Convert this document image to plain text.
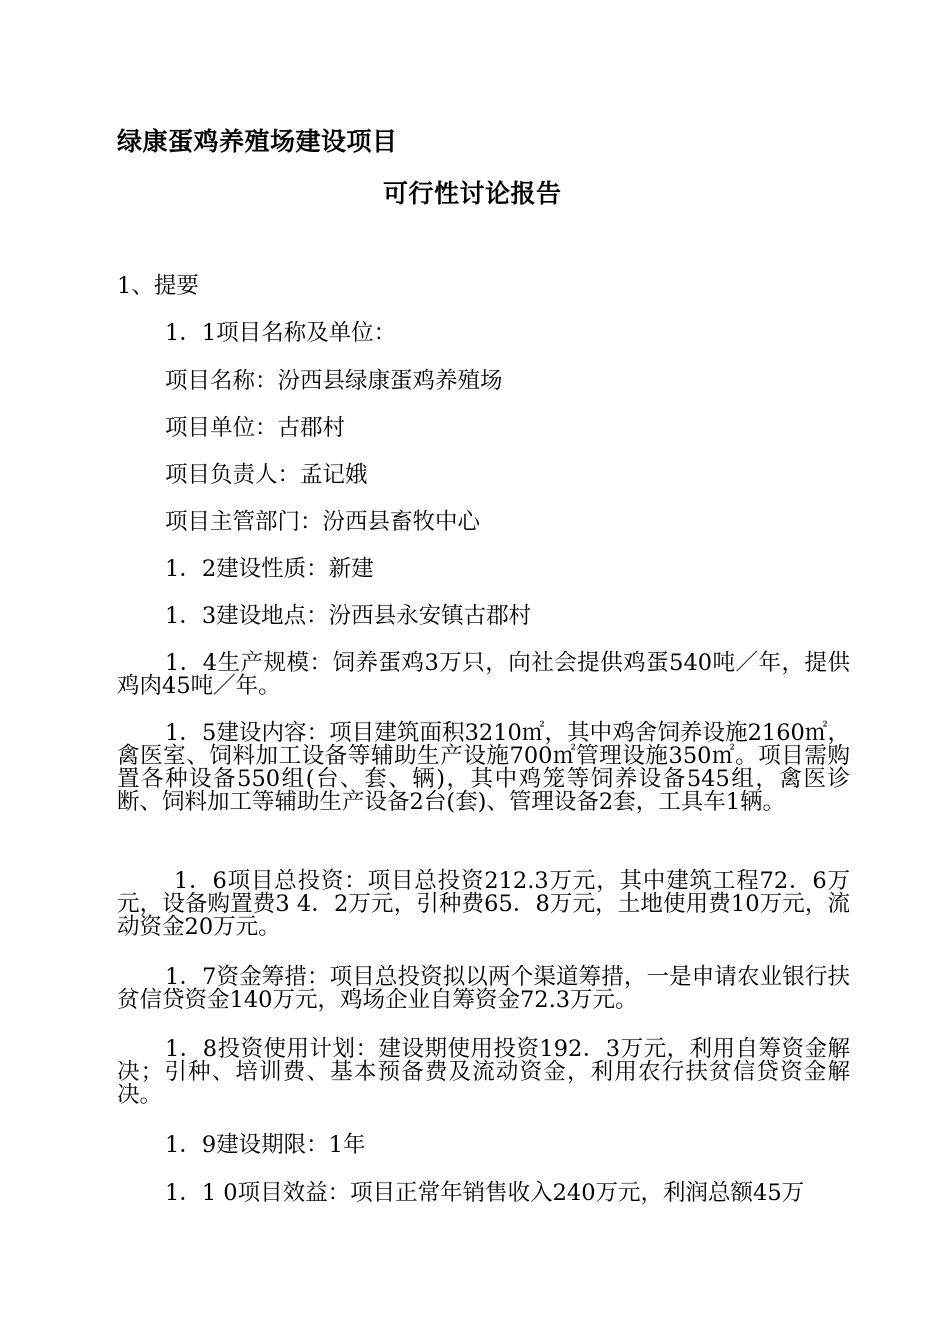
绿康蛋鸡养殖场建设项目
可行性讨论报告
1、提要
1．1项目名称及单位：
项目名称：汾西县绿康蛋鸡养殖场
项目单位：古郡村
项目负责人：孟记娥
项目主管部门：汾西县畜牧中心
1．2建设性质：新建
1．3建设地点：汾西县永安镇古郡村
1．4生产规模：饲养蛋鸡3万只，向社会提供鸡蛋540吨／年，提供鸡肉45吨／年。
1．5建设内容：项目建筑面积3210㎡，其中鸡舍饲养设施2160㎡，禽医室、饲料加工设备等辅助生产设施700㎡管理设施350㎡。项目需购置各种设备550组(台、套、辆)，其中鸡笼等饲养设备545组，禽医诊断、饲料加工等辅助生产设备2台(套)、管理设备2套，工具车1辆。
1．6项目总投资：项目总投资212.3万元，其中建筑工程72．6万元，设备购置费3 4．2万元，引种费65．8万元，土地使用费10万元，流动资金20万元。
1．7资金筹措：项目总投资拟以两个渠道筹措，一是申请农业银行扶贫信贷资金140万元，鸡场企业自筹资金72.3万元。
1．8投资使用计划：建设期使用投资192．3万元，利用自筹资金解决；引种、培训费、基本预备费及流动资金，利用农行扶贫信贷资金解决。
1．9建设期限：1年
1．1 0项目效益：项目正常年销售收入240万元，利润总额45万
